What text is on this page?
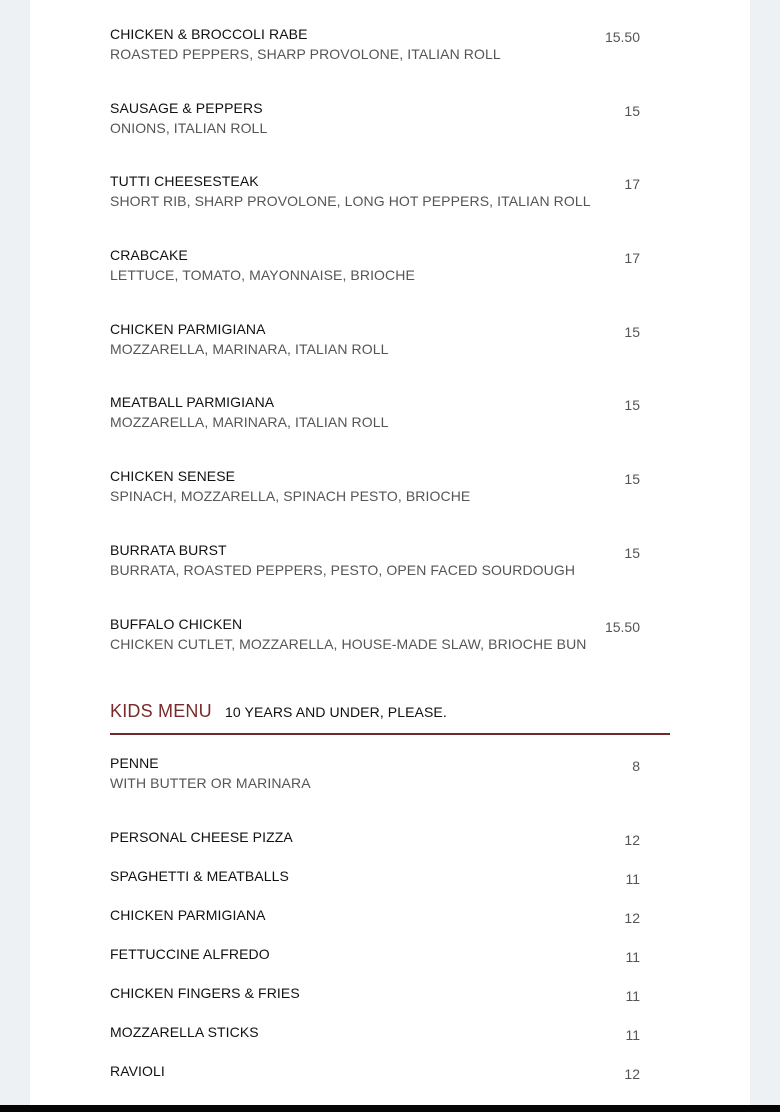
CHICKEN & BROCCOLI RABE
ROASTED PEPPERS, SHARP PROVOLONE, ITALIAN ROLL
15.50
SAUSAGE & PEPPERS
ONIONS, ITALIAN ROLL
15
TUTTI CHEESESTEAK
SHORT RIB, SHARP PROVOLONE, LONG HOT PEPPERS, ITALIAN ROLL
17
CRABCAKE
LETTUCE, TOMATO, MAYONNAISE, BRIOCHE
17
CHICKEN PARMIGIANA
MOZZARELLA, MARINARA, ITALIAN ROLL
15
MEATBALL PARMIGIANA
MOZZARELLA, MARINARA, ITALIAN ROLL
15
CHICKEN SENESE
SPINACH, MOZZARELLA, SPINACH PESTO, BRIOCHE
15
BURRATA BURST
BURRATA, ROASTED PEPPERS, PESTO, OPEN FACED SOURDOUGH
15
BUFFALO CHICKEN
CHICKEN CUTLET, MOZZARELLA, HOUSE-MADE SLAW, BRIOCHE BUN
15.50
KIDS MENU 10 YEARS AND UNDER, PLEASE.
PENNE
WITH BUTTER OR MARINARA
8
PERSONAL CHEESE PIZZA	12
SPAGHETTI & MEATBALLS	11
CHICKEN PARMIGIANA	12
FETTUCCINE ALFREDO	11
CHICKEN FINGERS & FRIES	11
MOZZARELLA STICKS	11
RAVIOLI	12
